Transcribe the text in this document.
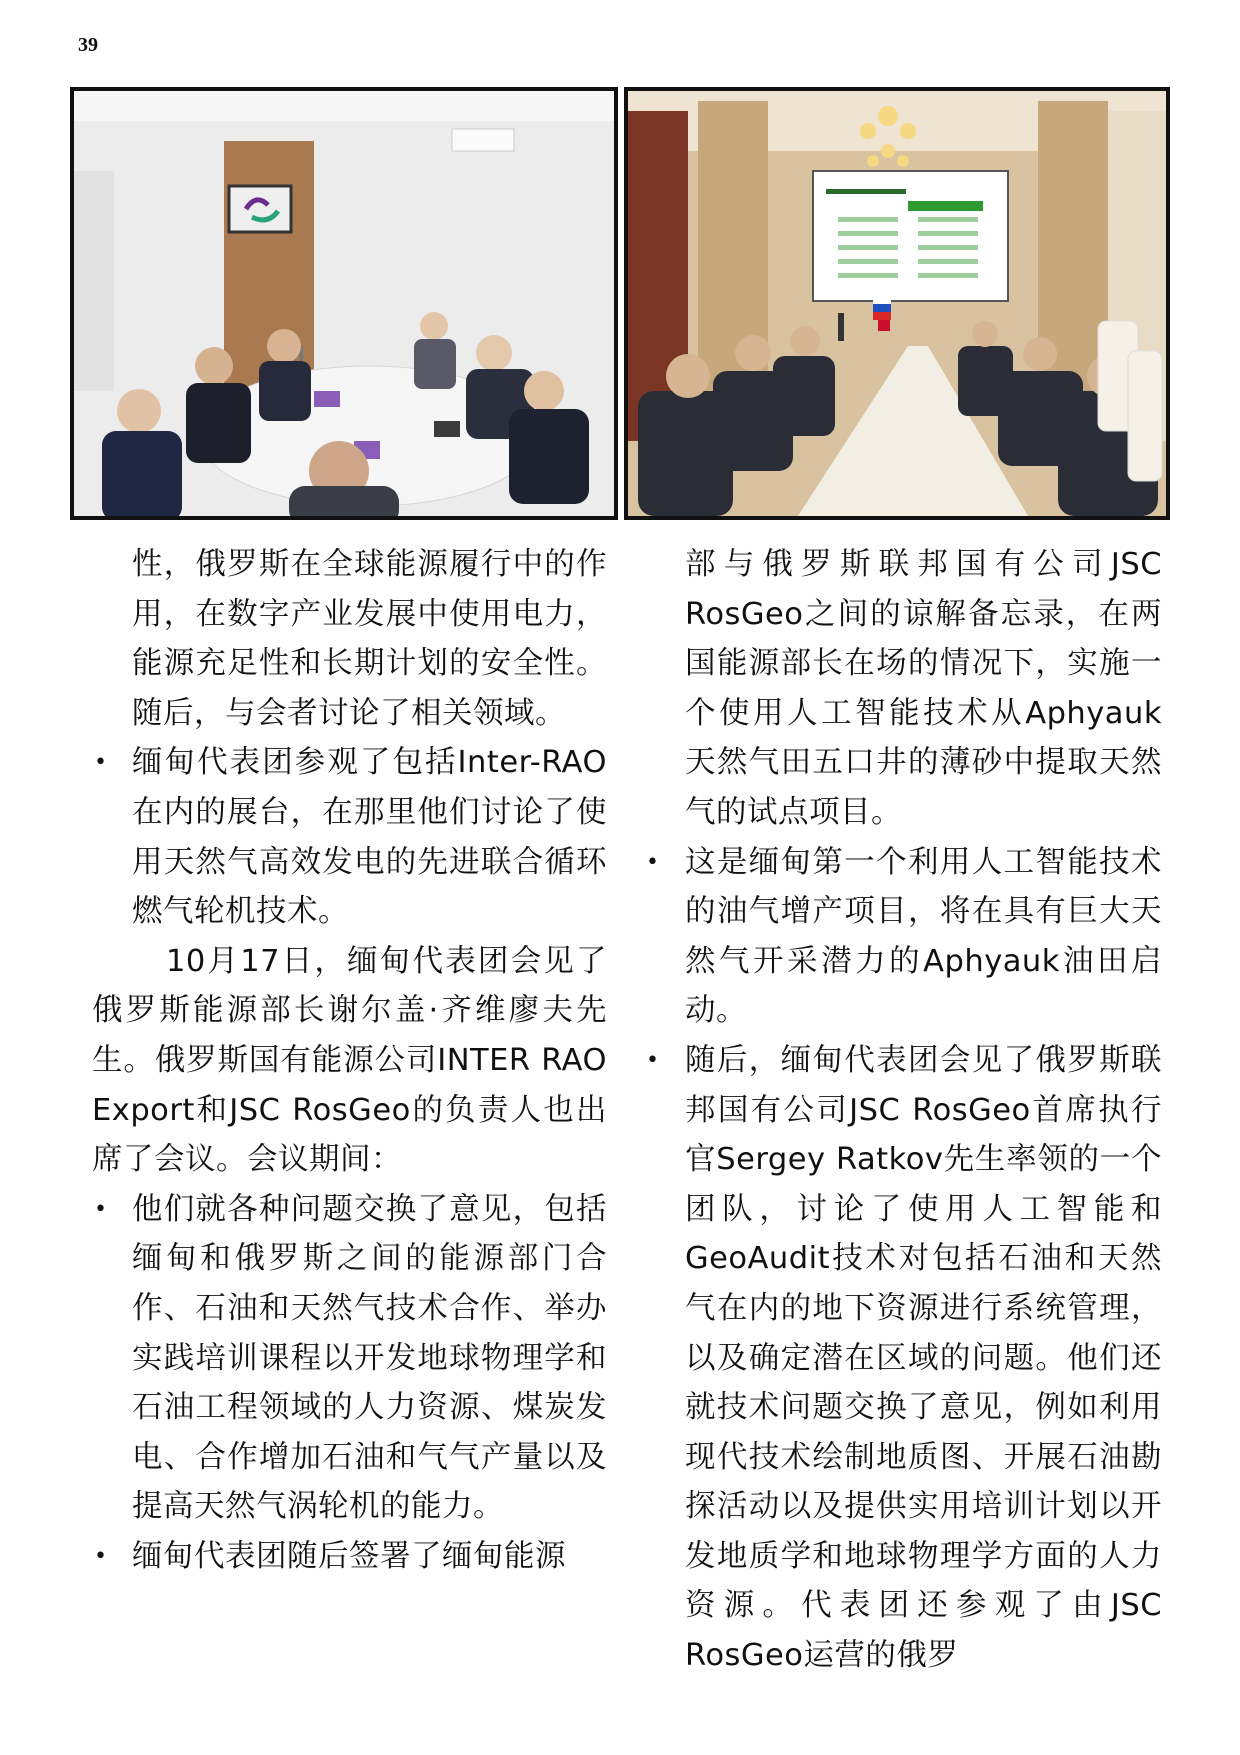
39

性，俄罗斯在全球能源履行中的作用，在数字产业发展中使用电力，能源充足性和长期计划的安全性。随后，与会者讨论了相关领域。

• 缅甸代表团参观了包括Inter-RAO在内的展台，在那里他们讨论了使用天然气高效发电的先进联合循环燃气轮机技术。

10月17日，缅甸代表团会见了俄罗斯能源部长谢尔盖·齐维廖夫先生。俄罗斯国有能源公司INTER RAO Export和JSC RosGeo的负责人也出席了会议。会议期间：

• 他们就各种问题交换了意见，包括缅甸和俄罗斯之间的能源部门合作、石油和天然气技术合作、举办实践培训课程以开发地球物理学和石油工程领域的人力资源、煤炭发电、合作增加石油和气气产量以及提高天然气涡轮机的能力。

• 缅甸代表团随后签署了缅甸能源

部与俄罗斯联邦国有公司JSC RosGeo之间的谅解备忘录，在两国能源部长在场的情况下，实施一个使用人工智能技术从Aphyauk天然气田五口井的薄砂中提取天然气的试点项目。

• 这是缅甸第一个利用人工智能技术的油气增产项目，将在具有巨大天然气开采潜力的Aphyauk油田启动。

• 随后，缅甸代表团会见了俄罗斯联邦国有公司JSC RosGeo首席执行官Sergey Ratkov先生率领的一个团队，讨论了使用人工智能和GeoAudit技术对包括石油和天然气在内的地下资源进行系统管理，以及确定潜在区域的问题。他们还就技术问题交换了意见，例如利用现代技术绘制地质图、开展石油勘探活动以及提供实用培训计划以开发地质学和地球物理学方面的人力资源。代表团还参观了由JSC RosGeo运营的俄罗
